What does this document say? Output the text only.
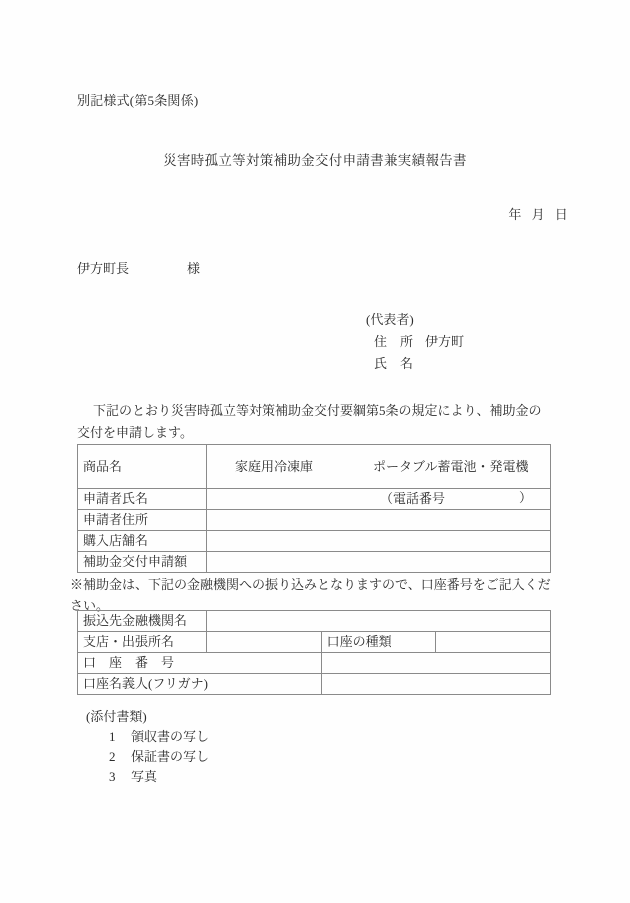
別記様式(第5条関係)
災害時孤立等対策補助金交付申請書兼実績報告書
年 月 日
伊方町長	様
(代表者)
住　所 伊方町
氏　名
下記のとおり災害時孤立等対策補助金交付要綱第5条の規定により、補助金の交付を申請します。
商品名	家庭用冷凍庫 ポータブル蓄電池・発電機
申請者氏名	（電話番号 ）

申請者住所	
購入店舗名	
補助金交付申請額	
※補助金は、下記の金融機関への振り込みとなりますので、口座番号をご記入ください。
振込先金融機関名			
支店・出張所名		口座の種類	
口　座　番　号			
口座名義人(フリガナ)			
(添付書類)
1 領収書の写し
2 保証書の写し
3 写真
